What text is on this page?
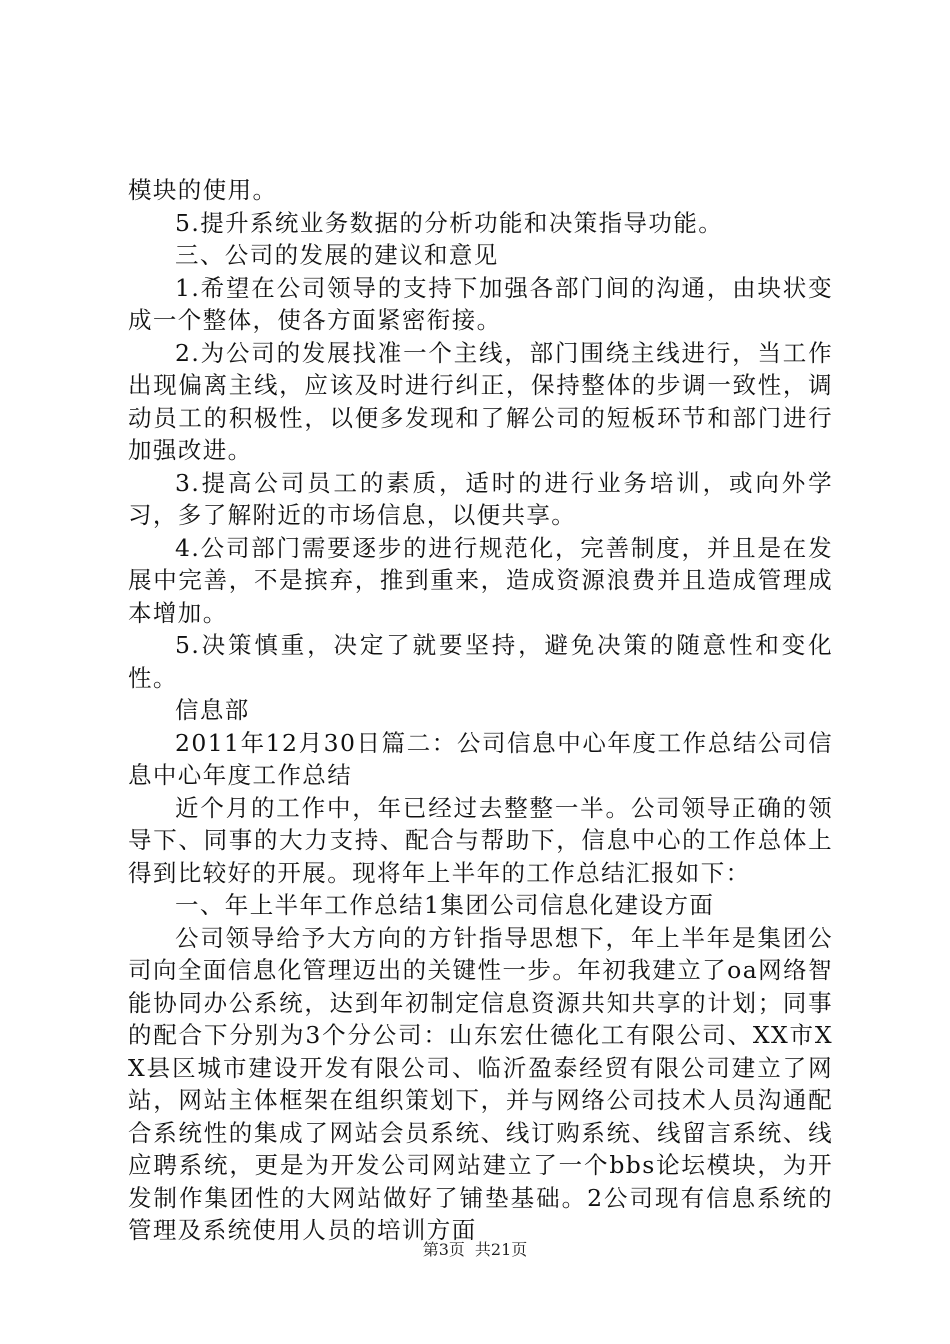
模块的使用。

5.提升系统业务数据的分析功能和决策指导功能。

三、公司的发展的建议和意见

1.希望在公司领导的支持下加强各部门间的沟通，由块状变成一个整体，使各方面紧密衔接。

2.为公司的发展找准一个主线，部门围绕主线进行，当工作出现偏离主线，应该及时进行纠正，保持整体的步调一致性，调动员工的积极性，以便多发现和了解公司的短板环节和部门进行加强改进。

3.提高公司员工的素质，适时的进行业务培训，或向外学习，多了解附近的市场信息，以便共享。

4.公司部门需要逐步的进行规范化，完善制度，并且是在发展中完善，不是摈弃，推到重来，造成资源浪费并且造成管理成本增加。

5.决策慎重，决定了就要坚持，避免决策的随意性和变化性。

信息部

2011年12月30日篇二：公司信息中心年度工作总结公司信息中心年度工作总结

近个月的工作中，年已经过去整整一半。公司领导正确的领导下、同事的大力支持、配合与帮助下，信息中心的工作总体上得到比较好的开展。现将年上半年的工作总结汇报如下：

一、年上半年工作总结1集团公司信息化建设方面

公司领导给予大方向的方针指导思想下，年上半年是集团公司向全面信息化管理迈出的关键性一步。年初我建立了oa网络智能协同办公系统，达到年初制定信息资源共知共享的计划；同事的配合下分别为3个分公司：山东宏仕德化工有限公司、XX市XX县区城市建设开发有限公司、临沂盈泰经贸有限公司建立了网站，网站主体框架在组织策划下，并与网络公司技术人员沟通配合系统性的集成了网站会员系统、线订购系统、线留言系统、线应聘系统，更是为开发公司网站建立了一个bbs论坛模块，为开发制作集团性的大网站做好了铺垫基础。2公司现有信息系统的管理及系统使用人员的培训方面

第3页 共21页
